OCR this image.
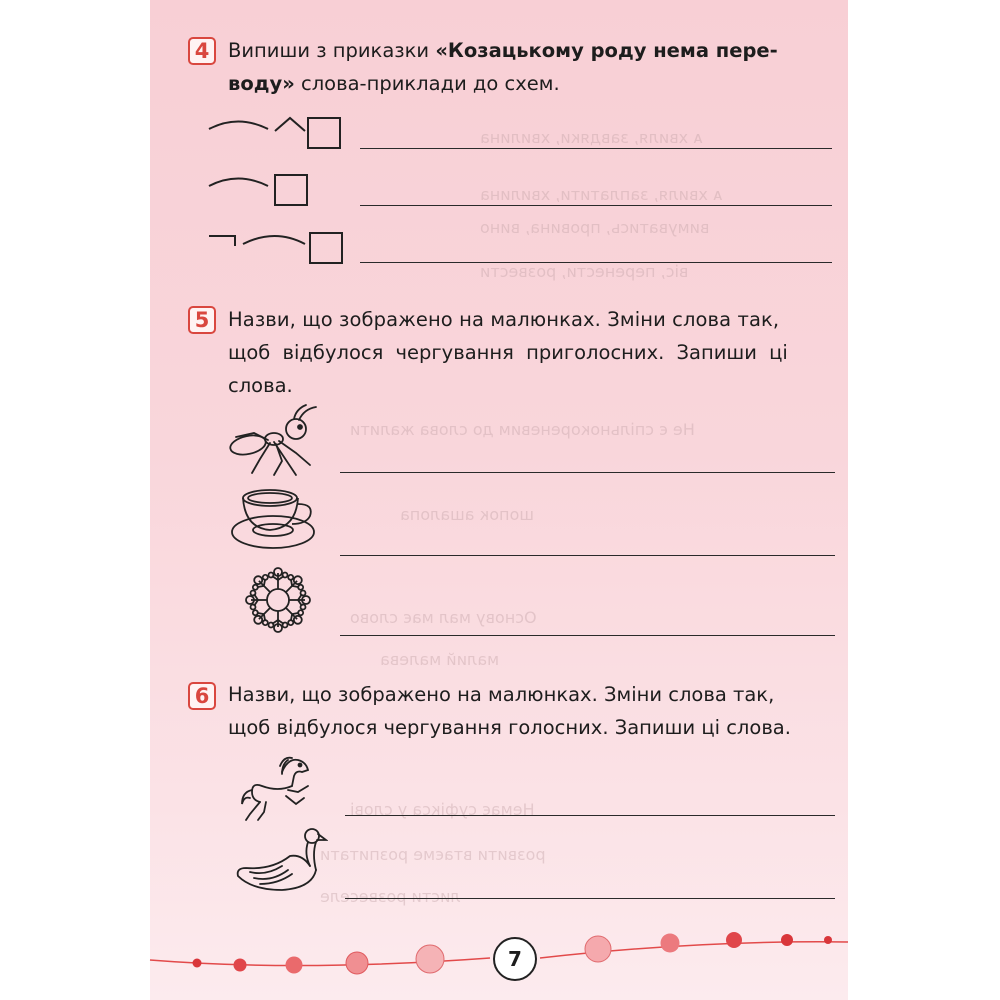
ᴀ хвиля, завдяки, хвилина
ᴀ хвиля, заплатити, хвилина
вимуватись, провина, вино
віс, перенести, розвести
Не є спільнокореневим до слова жалити
шопок ашалопа
Основу мал має слово
малий малева
Немає суфікса у слові
розвити втаєме розпитати
листи розвеселе
4 Випиши з приказки «Козацькому роду нема пере-
воду» слова-приклади до схем.
5 Назви, що зображено на малюнках. Зміни слова так,
щоб відбулося чергування приголосних. Запиши ці
слова.
6 Назви, що зображено на малюнках. Зміни слова так,
щоб відбулося чергування голосних. Запиши ці слова.
7
